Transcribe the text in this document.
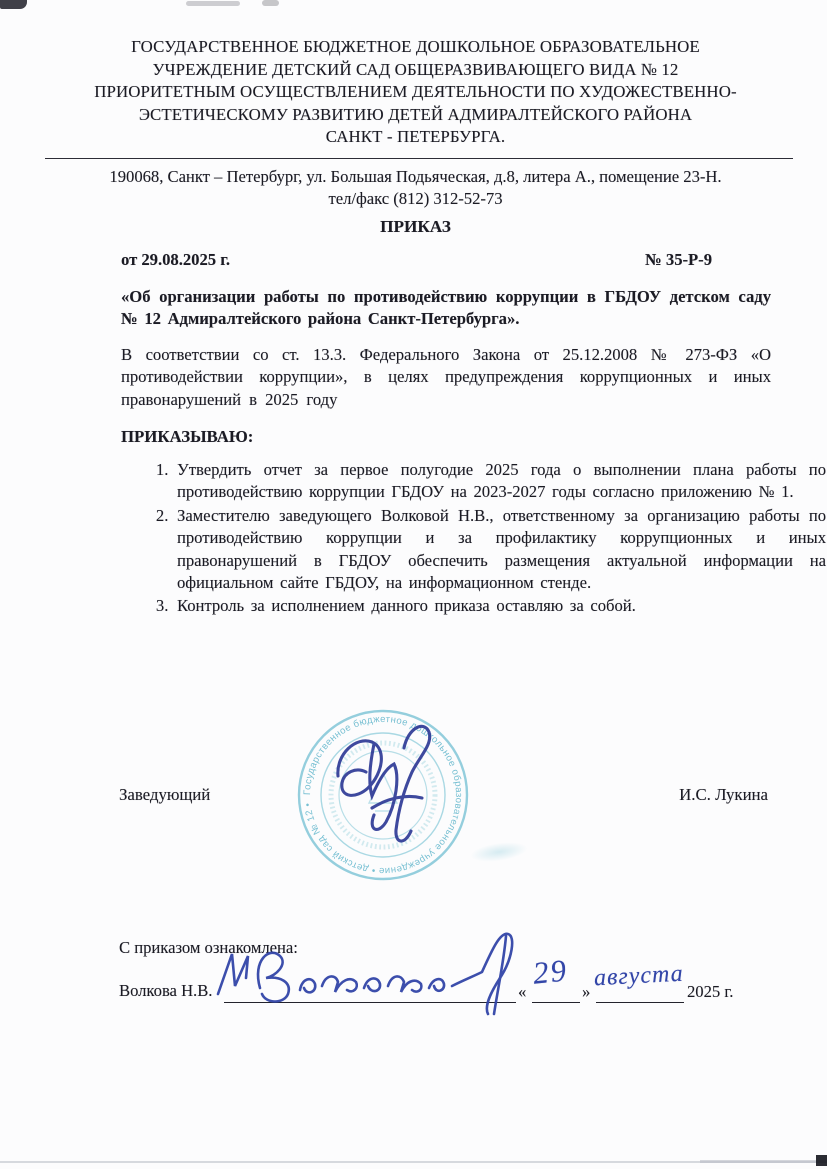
ГОСУДАРСТВЕННОЕ БЮДЖЕТНОЕ ДОШКОЛЬНОЕ ОБРАЗОВАТЕЛЬНОЕ
УЧРЕЖДЕНИЕ ДЕТСКИЙ САД ОБЩЕРАЗВИВАЮЩЕГО ВИДА № 12
ПРИОРИТЕТНЫМ ОСУЩЕСТВЛЕНИЕМ ДЕЯТЕЛЬНОСТИ ПО ХУДОЖЕСТВЕННО-
ЭСТЕТИЧЕСКОМУ РАЗВИТИЮ ДЕТЕЙ АДМИРАЛТЕЙСКОГО РАЙОНА
САНКТ - ПЕТЕРБУРГА.
190068, Санкт – Петербург, ул. Большая Подьяческая, д.8, литера А., помещение 23-Н.
тел/факс (812) 312-52-73
ПРИКАЗ
от 29.08.2025 г.	№ 35-Р-9

«Об организации работы по противодействию коррупции в ГБДОУ детском саду № 12 Адмиралтейского района Санкт-Петербурга».

В соответствии со ст. 13.3. Федерального Закона от 25.12.2008 № 273-ФЗ «О противодействии коррупции», в целях предупреждения коррупционных и иных правонарушений в 2025 году

ПРИКАЗЫВАЮ:
1. Утвердить отчет за первое полугодие 2025 года о выполнении плана работы по противодействию коррупции ГБДОУ на 2023-2027 годы согласно приложению № 1.
2. Заместителю заведующего Волковой Н.В., ответственному за организацию работы по противодействию коррупции и за профилактику коррупционных и иных правонарушений в ГБДОУ обеспечить размещения актуальной информации на официальном сайте ГБДОУ, на информационном стенде.
3. Контроль за исполнением данного приказа оставляю за собой.
Заведующий	Государственное бюджетное дошкольное образовательное учреждение • детский сад № 12 •
И.С. Лукина
С приказом ознакомлена:
Волкова Н.В.	«	»	2025 г.
29 августа
